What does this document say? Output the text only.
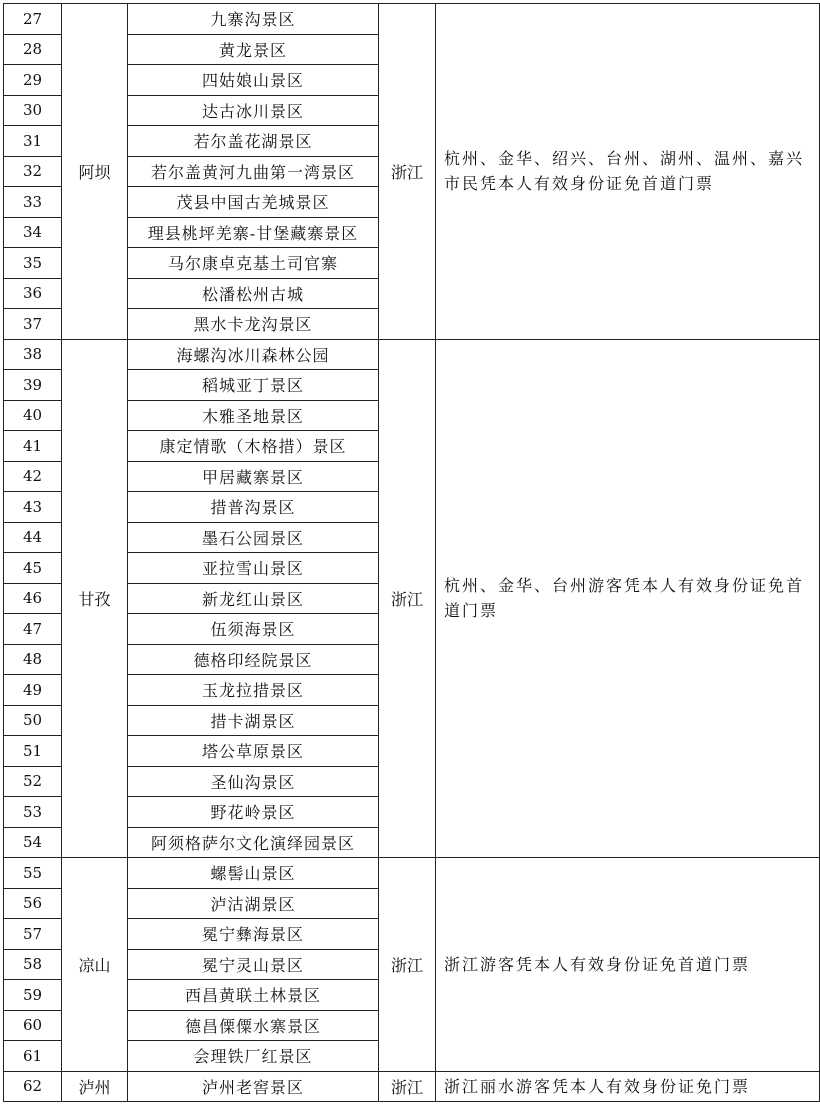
27	阿坝	九寨沟景区	浙江	杭州、金华、绍兴、台州、湖州、温州、嘉兴市民凭本人有效身份证免首道门票
28		黄龙景区		
29		四姑娘山景区		
30		达古冰川景区		
31		若尔盖花湖景区		
32		若尔盖黄河九曲第一湾景区		
33		茂县中国古羌城景区		
34		理县桃坪羌寨-甘堡藏寨景区		
35		马尔康卓克基土司官寨		
36		松潘松州古城		
37		黑水卡龙沟景区		
38	甘孜	海螺沟冰川森林公园	浙江	杭州、金华、台州游客凭本人有效身份证免首道门票
39		稻城亚丁景区		
40		木雅圣地景区		
41		康定情歌（木格措）景区		
42		甲居藏寨景区		
43		措普沟景区		
44		墨石公园景区		
45		亚拉雪山景区		
46		新龙红山景区		
47		伍须海景区		
48		德格印经院景区		
49		玉龙拉措景区		
50		措卡湖景区		
51		塔公草原景区		
52		圣仙沟景区		
53		野花岭景区		
54		阿须格萨尔文化演绎园景区		
55	凉山	螺髻山景区	浙江	浙江游客凭本人有效身份证免首道门票
56		泸沽湖景区		
57		冕宁彝海景区		
58		冕宁灵山景区		
59		西昌黄联土林景区		
60		德昌傈僳水寨景区		
61		会理铁厂红景区		
62	泸州	泸州老窖景区	浙江	浙江丽水游客凭本人有效身份证免门票
